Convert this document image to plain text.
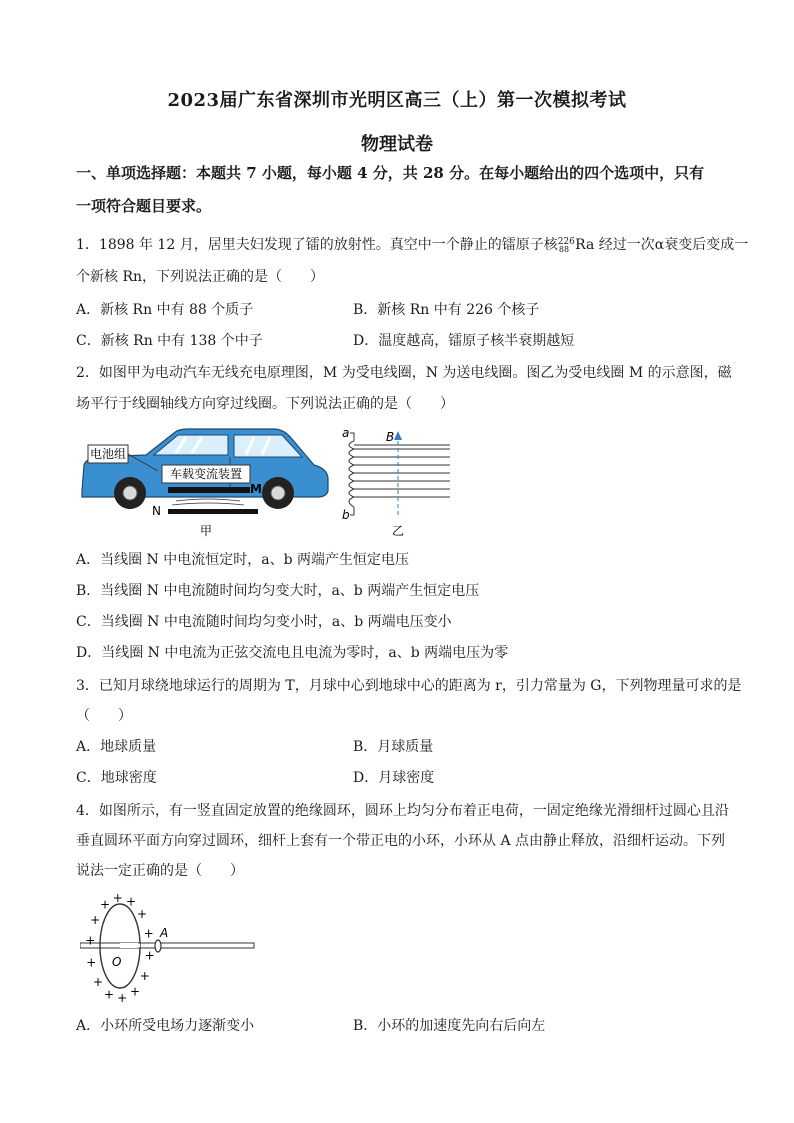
2023届广东省深圳市光明区高三（上）第一次模拟考试
物理试卷
一、单项选择题：本题共 7 小题，每小题 4 分，共 28 分。在每小题给出的四个选项中，只有
一项符合题目要求。
1．1898 年 12 月，居里夫妇发现了镭的放射性。真空中一个静止的镭原子核$^{226}_{88}$ Ra 经过一次α衰变后变成一
个新核 Rn，下列说法正确的是（　　）
A．新核 Rn 中有 88 个质子	B．新核 Rn 中有 226 个核子
C．新核 Rn 中有 138 个中子	D．温度越高，镭原子核半衰期越短
2．如图甲为电动汽车无线充电原理图，M 为受电线圈，N 为送电线圈。图乙为受电线圈 M 的示意图，磁
场平行于线圈轴线方向穿过线圈。下列说法正确的是（　　）
电池组
车载变流装置
M
N
甲
a
b
B
乙
A．当线圈 N 中电流恒定时，a、b 两端产生恒定电压
B．当线圈 N 中电流随时间均匀变大时，a、b 两端产生恒定电压
C．当线圈 N 中电流随时间均匀变小时，a、b 两端电压变小
D．当线圈 N 中电流为正弦交流电且电流为零时，a、b 两端电压为零
3．已知月球绕地球运行的周期为 T，月球中心到地球中心的距离为 r，引力常量为 G，下列物理量可求的是
（　　）
A．地球质量	B．月球质量
C．地球密度	D．月球密度
4．如图所示，有一竖直固定放置的绝缘圆环，圆环上均匀分布着正电荷，一固定绝缘光滑细杆过圆心且沿
垂直圆环平面方向穿过圆环，细杆上套有一个带正电的小环，小环从 A 点由静止释放，沿细杆运动。下列
说法一定正确的是（　　）
A
O +
+
+
+
+
+
+
+
+
+ + +
+
+
A．小环所受电场力逐渐变小	B．小环的加速度先向右后向左
